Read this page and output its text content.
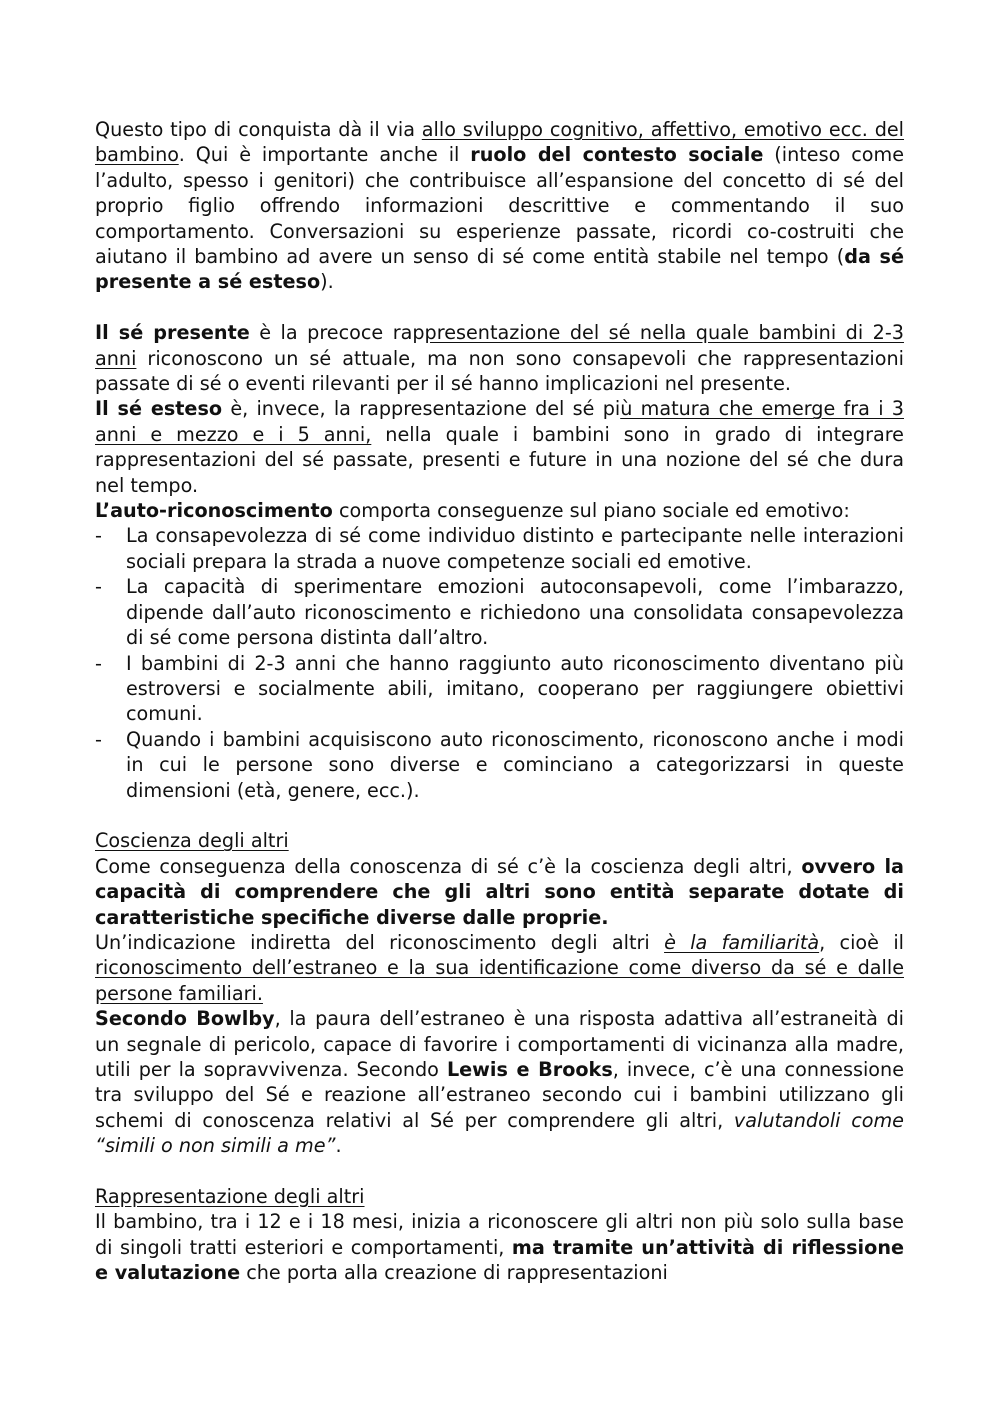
Questo tipo di conquista dà il via allo sviluppo cognitivo, affettivo, emotivo ecc. del bambino. Qui è importante anche il ruolo del contesto sociale (inteso come l’adulto, spesso i genitori) che contribuisce all’espansione del concetto di sé del proprio figlio offrendo informazioni descrittive e commentando il suo comportamento. Conversazioni su esperienze passate, ricordi co-costruiti che aiutano il bambino ad avere un senso di sé come entità stabile nel tempo (da sé presente a sé esteso).

Il sé presente è la precoce rappresentazione del sé nella quale bambini di 2-3 anni riconoscono un sé attuale, ma non sono consapevoli che rappresentazioni passate di sé o eventi rilevanti per il sé hanno implicazioni nel presente.

Il sé esteso è, invece, la rappresentazione del sé più matura che emerge fra i 3 anni e mezzo e i 5 anni, nella quale i bambini sono in grado di integrare rappresentazioni del sé passate, presenti e future in una nozione del sé che dura nel tempo.

L’auto-riconoscimento comporta conseguenze sul piano sociale ed emotivo:

- La consapevolezza di sé come individuo distinto e partecipante nelle interazioni sociali prepara la strada a nuove competenze sociali ed emotive.
- La capacità di sperimentare emozioni autoconsapevoli, come l’imbarazzo, dipende dall’auto riconoscimento e richiedono una consolidata consapevolezza di sé come persona distinta dall’altro.
- I bambini di 2-3 anni che hanno raggiunto auto riconoscimento diventano più estroversi e socialmente abili, imitano, cooperano per raggiungere obiettivi comuni.
- Quando i bambini acquisiscono auto riconoscimento, riconoscono anche i modi in cui le persone sono diverse e cominciano a categorizzarsi in queste dimensioni (età, genere, ecc.).

Coscienza degli altri

Come conseguenza della conoscenza di sé c’è la coscienza degli altri, ovvero la capacità di comprendere che gli altri sono entità separate dotate di caratteristiche specifiche diverse dalle proprie.

Un’indicazione indiretta del riconoscimento degli altri è la familiarità, cioè il riconoscimento dell’estraneo e la sua identificazione come diverso da sé e dalle persone familiari.

Secondo Bowlby, la paura dell’estraneo è una risposta adattiva all’estraneità di un segnale di pericolo, capace di favorire i comportamenti di vicinanza alla madre, utili per la sopravvivenza. Secondo Lewis e Brooks, invece, c’è una connessione tra sviluppo del Sé e reazione all’estraneo secondo cui i bambini utilizzano gli schemi di conoscenza relativi al Sé per comprendere gli altri, valutandoli come “simili o non simili a me”.

Rappresentazione degli altri

Il bambino, tra i 12 e i 18 mesi, inizia a riconoscere gli altri non più solo sulla base di singoli tratti esteriori e comportamenti, ma tramite un’attività di riflessione e valutazione che porta alla creazione di rappresentazioni
